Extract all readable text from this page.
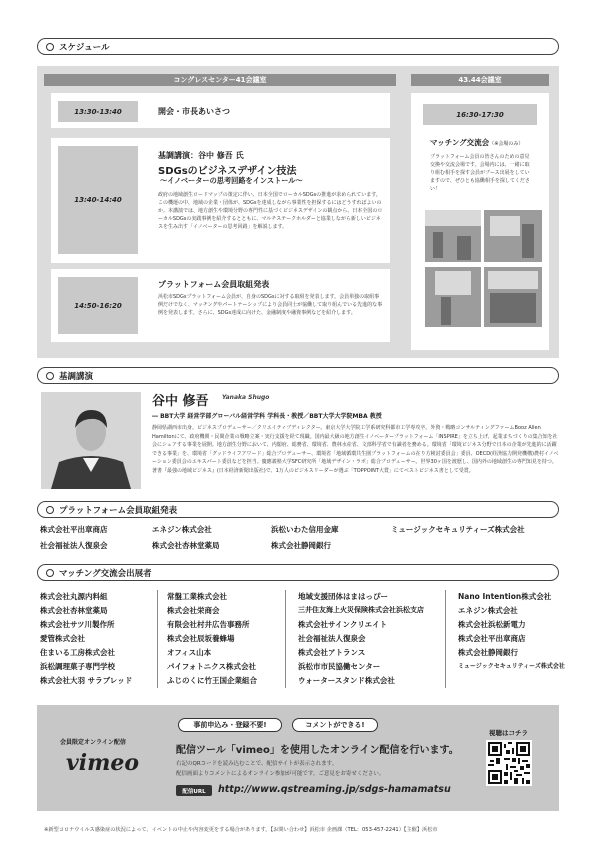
スケジュール
コングレスセンター41会議室	43.44会議室
13:30-13:40	開会・市長あいさつ
13:40-14:40
基調講演：谷中 修吾 氏
SDGsのビジネスデザイン技法
～イノベーターの思考回路をインストール～
政府の地域創生ロードマップの策定に伴い、日本全国でローカルSDGsの推進が求められています。この機運の中、地域の企業・団体が、SDGsを達成しながら事業性を担保するにはどうすればよいのか。本講演では、地方創生や環境分野の専門性に基づくビジネスデザインの観点から、日本全国のローカルSDGsの実践事例を紹介するとともに、マルチステークホルダーと協業しながら新しいビジネスを生み出す「イノベーターの思考回路」を解説します。
14:50-16:20
プラットフォーム会員取組発表
浜松市SDGsプラットフォーム会員が、自身のSDGsに対する取組を発表します。会員単独の取組事例だけでなく、マッチングやパートナーシップにより会員同士が協働して取り組んでいる先進的な事例を発表します。さらに、SDGs達成に向けた、金融制度や融資事例などを紹介します。
16:30-17:30
マッチング交流会（※会場のみ）
プラットフォーム会員の皆さんのための意見交換や交流会場です。会場内には、一緒に取り組む相手を探す会員がブース出展をしていますので、ぜひとも協働相手を探してください！
基調講演
谷中 修吾 Yanaka Shugo
― BBT大学 経営学部グローバル経営学科 学科長・教授／BBT大学大学院MBA 教授
静岡県湖西市出身。ビジネスプロデューサー／クリエイティブディレクター。東京大学大学院工学系研究科都市工学専攻卒。外資・戦略コンサルティングファームBooz Allen Hamiltonにて、政府機関・民間企業の戦略立案・実行支援を経て現職。国内最大級の地方創生イノベータープラットフォーム「INSPIRE」を立ち上げ、起業まちづくりの集合知を社会にシェアする事業を展開。地方創生分野において、内閣府、総務省、環境省、農林水産省、文部科学省で有識者を務める。環境省「環境ビジネス分野で日本の企業が先進的に活躍できる事業」を、環境省「グッドライフアワード」総合プロデューサー、環境省「地域循環共生圏プラットフォームの在り方検討委員会」委員、OECD(経済協力開発機構)農村イノベーション委員会のエキスパート委員などを担当。慶應義塾大学SFC研究所「地域デザイン・ラボ」総合プロデューサー。世界30ヶ国を渡歴し、国内外の地域創生の専門知見を持つ。著書『最強の地域ビジネス』(日本経済新聞出版社)で、1万人のビジネスリーダーが選ぶ「TOPPOINT大賞」にてベストビジネス書として受賞。
プラットフォーム会員取組発表
株式会社平出章商店	エネジン株式会社	浜松いわた信用金庫	ミュージックセキュリティーズ株式会社
社会福祉法人復泉会	株式会社杏林堂薬局	株式会社静岡銀行
マッチング交流会出展者
株式会社丸源内料組
株式会社杏林堂薬局
株式会社サツ川製作所
愛管株式会社
住まいる工房株式会社
浜松調理菓子専門学校
株式会社大羽 サラブレッド
常盤工業株式会社
株式会社栄商会
有限会社村井広告事務所
株式会社辰坂養蜂場
オフィス山本
パイフォトニクス株式会社
ふじのくに竹王国企業組合
地域支援団体はまはっぴー
三井住友海上火災保険株式会社浜松支店
株式会社サインクリエイト
社会福祉法人復泉会
株式会社アトランス
浜松市市民協働センター
ウォータースタンド株式会社
Nano Intention株式会社
エネジン株式会社
株式会社浜松新電力
株式会社平出章商店
株式会社静岡銀行
ミュージックセキュリティーズ株式会社
会員限定オンライン配信
vimeo
事前申込み・登録不要!	コメントができる!
配信ツール「vimeo」を使用したオンライン配信を行います。
右記のQRコードを読み込むことで、配信サイトが表示されます。
配信画面よりコメントによるオンライン参加が可能です。ご意見をお寄せください。
配信URL	http://www.qstreaming.jp/sdgs-hamamatsu
視聴はコチラ
※新型コロナウイルス感染症の状況によって、イベントの中止や内容変更をする場合があります。【お問い合わせ】浜松市 企画課（TEL：053-457-2241）【主催】浜松市
